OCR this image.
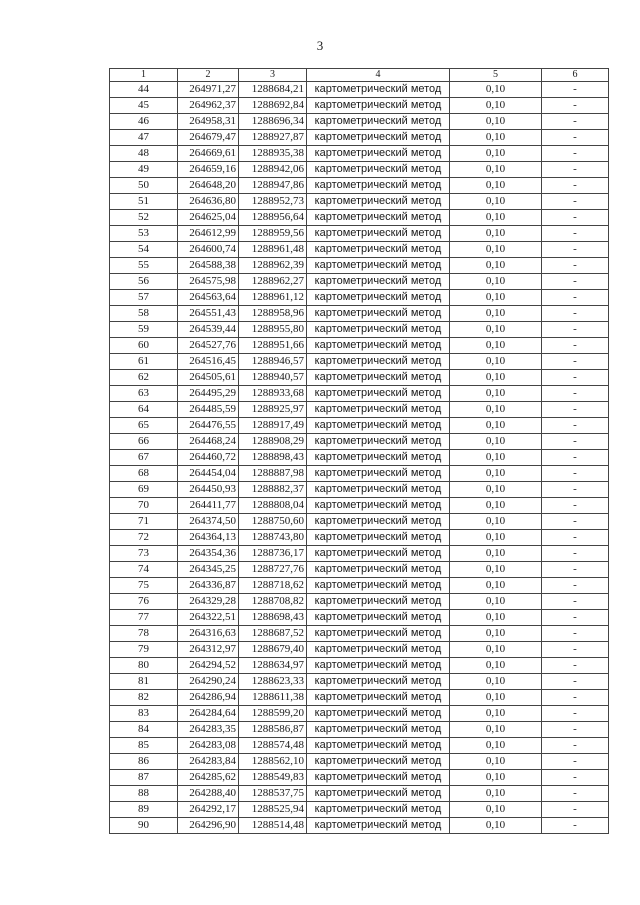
3
1	2	3	4	5	6
44	264971,27	1288684,21	картометрический метод	0,10	-
45	264962,37	1288692,84	картометрический метод	0,10	-
46	264958,31	1288696,34	картометрический метод	0,10	-
47	264679,47	1288927,87	картометрический метод	0,10	-
48	264669,61	1288935,38	картометрический метод	0,10	-
49	264659,16	1288942,06	картометрический метод	0,10	-
50	264648,20	1288947,86	картометрический метод	0,10	-
51	264636,80	1288952,73	картометрический метод	0,10	-
52	264625,04	1288956,64	картометрический метод	0,10	-
53	264612,99	1288959,56	картометрический метод	0,10	-
54	264600,74	1288961,48	картометрический метод	0,10	-
55	264588,38	1288962,39	картометрический метод	0,10	-
56	264575,98	1288962,27	картометрический метод	0,10	-
57	264563,64	1288961,12	картометрический метод	0,10	-
58	264551,43	1288958,96	картометрический метод	0,10	-
59	264539,44	1288955,80	картометрический метод	0,10	-
60	264527,76	1288951,66	картометрический метод	0,10	-
61	264516,45	1288946,57	картометрический метод	0,10	-
62	264505,61	1288940,57	картометрический метод	0,10	-
63	264495,29	1288933,68	картометрический метод	0,10	-
64	264485,59	1288925,97	картометрический метод	0,10	-
65	264476,55	1288917,49	картометрический метод	0,10	-
66	264468,24	1288908,29	картометрический метод	0,10	-
67	264460,72	1288898,43	картометрический метод	0,10	-
68	264454,04	1288887,98	картометрический метод	0,10	-
69	264450,93	1288882,37	картометрический метод	0,10	-
70	264411,77	1288808,04	картометрический метод	0,10	-
71	264374,50	1288750,60	картометрический метод	0,10	-
72	264364,13	1288743,80	картометрический метод	0,10	-
73	264354,36	1288736,17	картометрический метод	0,10	-
74	264345,25	1288727,76	картометрический метод	0,10	-
75	264336,87	1288718,62	картометрический метод	0,10	-
76	264329,28	1288708,82	картометрический метод	0,10	-
77	264322,51	1288698,43	картометрический метод	0,10	-
78	264316,63	1288687,52	картометрический метод	0,10	-
79	264312,97	1288679,40	картометрический метод	0,10	-
80	264294,52	1288634,97	картометрический метод	0,10	-
81	264290,24	1288623,33	картометрический метод	0,10	-
82	264286,94	1288611,38	картометрический метод	0,10	-
83	264284,64	1288599,20	картометрический метод	0,10	-
84	264283,35	1288586,87	картометрический метод	0,10	-
85	264283,08	1288574,48	картометрический метод	0,10	-
86	264283,84	1288562,10	картометрический метод	0,10	-
87	264285,62	1288549,83	картометрический метод	0,10	-
88	264288,40	1288537,75	картометрический метод	0,10	-
89	264292,17	1288525,94	картометрический метод	0,10	-
90	264296,90	1288514,48	картометрический метод	0,10	-
